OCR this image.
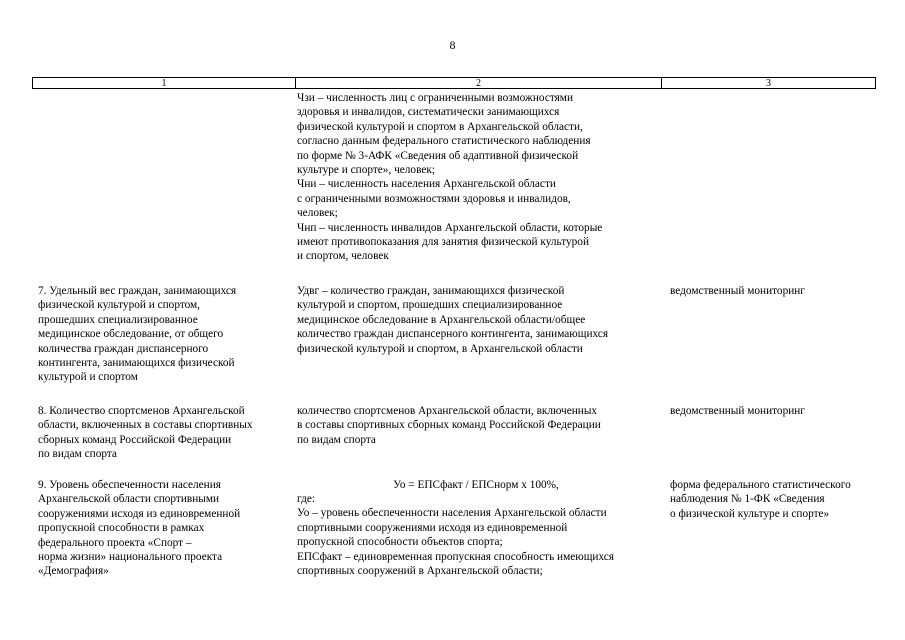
8
1	2	3
Чзи – численность лиц с ограниченными возможностями
здоровья и инвалидов, систематически занимающихся
физической культурой и спортом в Архангельской области,
согласно данным федерального статистического наблюдения
по форме № 3-АФК «Сведения об адаптивной физической
культуре и спорте», человек;
Чни – численность населения Архангельской области
с ограниченными возможностями здоровья и инвалидов,
человек;
Чнп – численность инвалидов Архангельской области, которые
имеют противопоказания для занятия физической культурой
и спортом, человек
7. Удельный вес граждан, занимающихся
физической культурой и спортом,
прошедших специализированное
медицинское обследование, от общего
количества граждан диспансерного
контингента, занимающихся физической
культурой и спортом
Удвг – количество граждан, занимающихся физической
культурой и спортом, прошедших специализированное
медицинское обследование в Архангельской области/общее
количество граждан диспансерного контингента, занимающихся
физической культурой и спортом, в Архангельской области
ведомственный мониторинг
8. Количество спортсменов Архангельской
области, включенных в составы спортивных
сборных команд Российской Федерации
по видам спорта
количество спортсменов Архангельской области, включенных
в составы спортивных сборных команд Российской Федерации
по видам спорта
ведомственный мониторинг
9. Уровень обеспеченности населения
Архангельской области спортивными
сооружениями исходя из единовременной
пропускной способности в рамках
федерального проекта «Спорт –
норма жизни» национального проекта
«Демография»
Уо = ЕПСфакт / ЕПСнорм х 100%,
где:
Уо – уровень обеспеченности населения Архангельской области
спортивными сооружениями исходя из единовременной
пропускной способности объектов спорта;
ЕПСфакт – единовременная пропускная способность имеющихся
спортивных сооружений в Архангельской области;
форма федерального статистического
наблюдения № 1-ФК «Сведения
о физической культуре и спорте»
